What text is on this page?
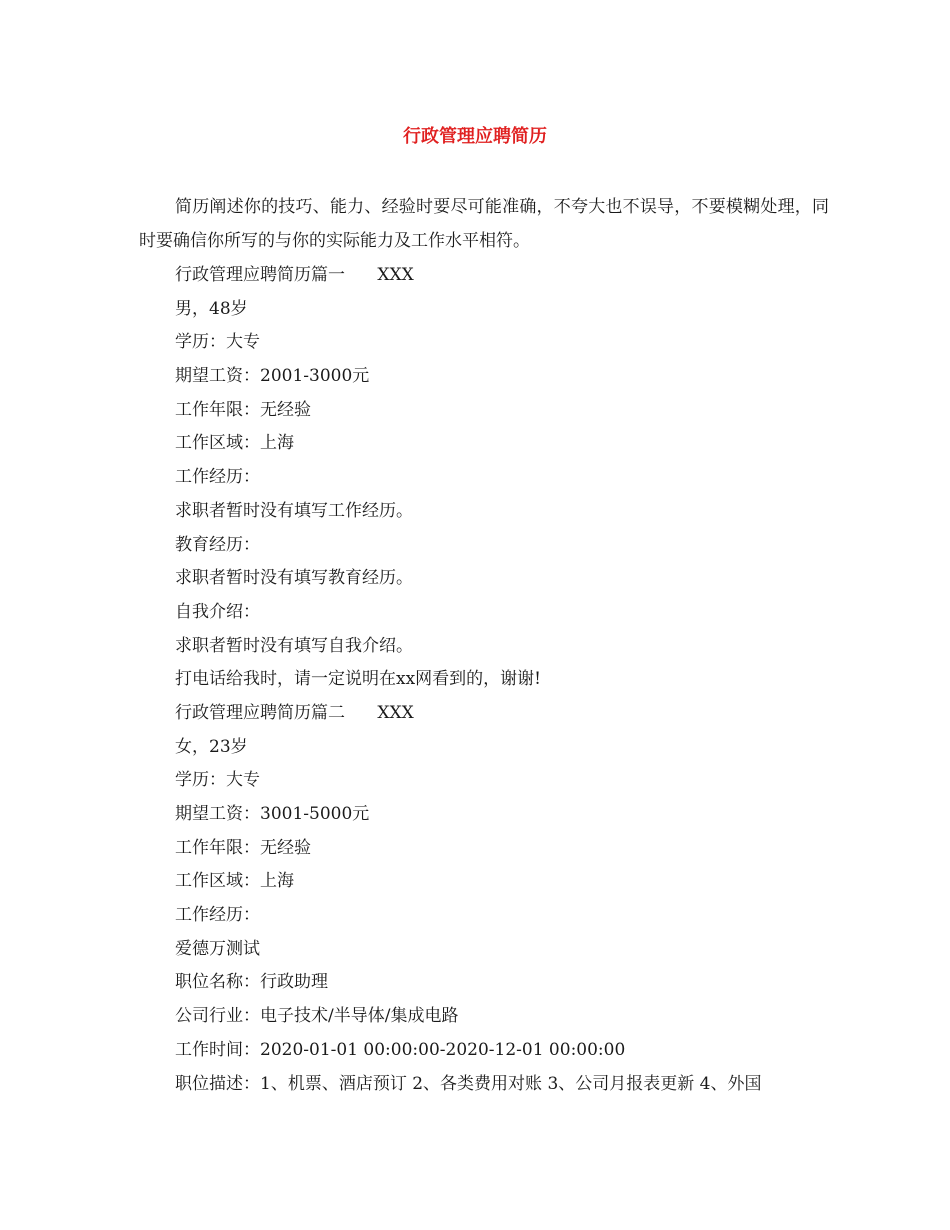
行政管理应聘简历
简历阐述你的技巧、能力、经验时要尽可能准确，不夸大也不误导，不要模糊处理，同时要确信你所写的与你的实际能力及工作水平相符。
行政管理应聘简历篇一      XXX
男，48岁
学历：大专
期望工资：2001-3000元
工作年限：无经验
工作区域：上海
工作经历：
求职者暂时没有填写工作经历。
教育经历：
求职者暂时没有填写教育经历。
自我介绍：
求职者暂时没有填写自我介绍。
打电话给我时，请一定说明在xx网看到的，谢谢!
行政管理应聘简历篇二      XXX
女，23岁
学历：大专
期望工资：3001-5000元
工作年限：无经验
工作区域：上海
工作经历：
爱德万测试
职位名称：行政助理
公司行业：电子技术/半导体/集成电路
工作时间：2020-01-01 00:00:00-2020-12-01 00:00:00
职位描述：1、机票、酒店预订 2、各类费用对账 3、公司月报表更新 4、外国
